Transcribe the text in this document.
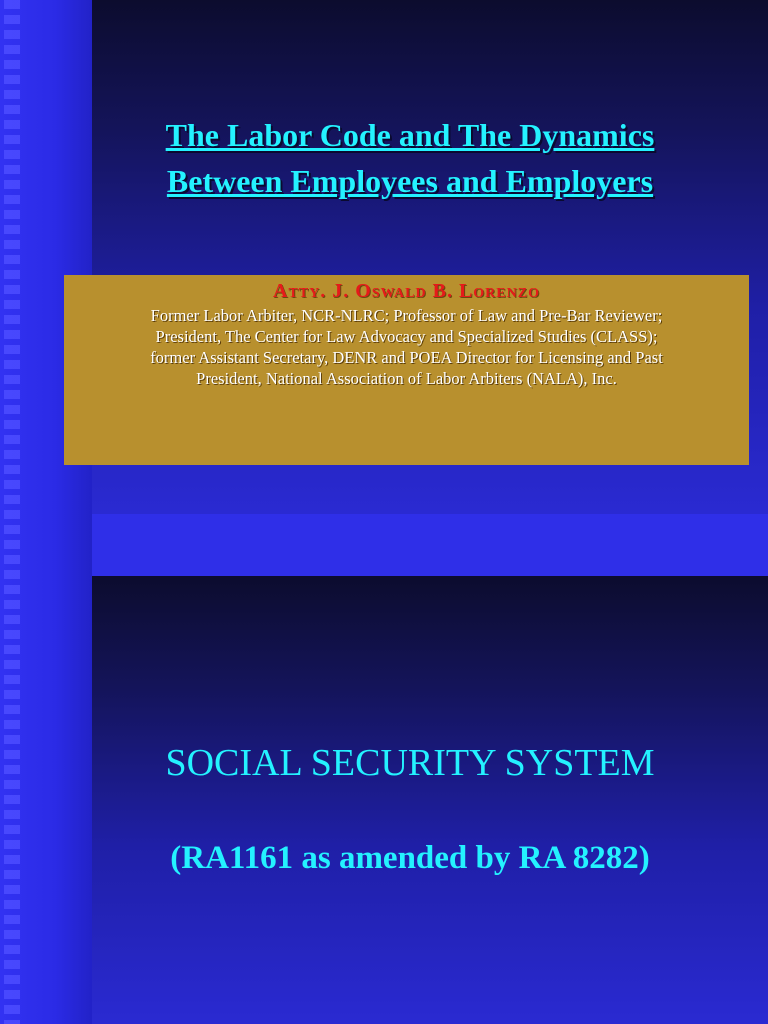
The Labor Code and The Dynamics
Between Employees and Employers
Atty. J. Oswald B. Lorenzo
Former Labor Arbiter, NCR-NLRC; Professor of Law and Pre-Bar Reviewer;
President, The Center for Law Advocacy and Specialized Studies (CLASS);
former Assistant Secretary, DENR and POEA Director for Licensing and Past
President, National Association of Labor Arbiters (NALA), Inc.
SOCIAL SECURITY SYSTEM
(RA1161 as amended by RA 8282)
